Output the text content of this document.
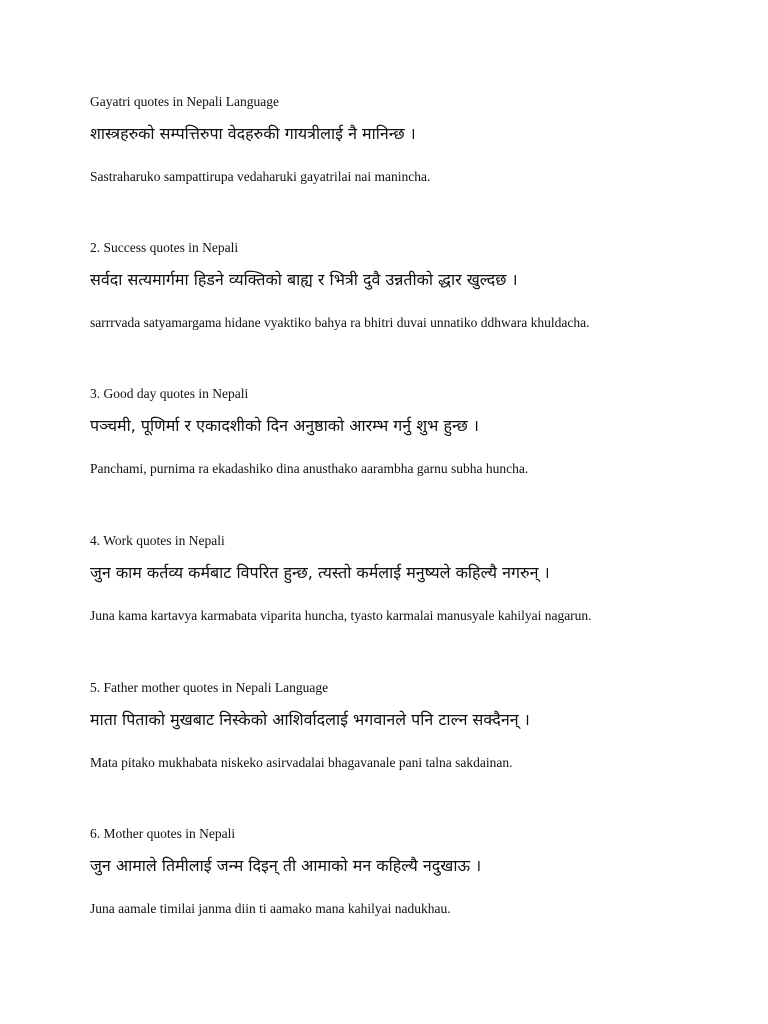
Gayatri quotes in Nepali Language
शास्त्रहरुको सम्पत्तिरुपा वेदहरुकी गायत्रीलाई नै मानिन्छ ।
Sastraharuko sampattirupa vedaharuki gayatrilai nai manincha.
2. Success quotes in Nepali
सर्वदा सत्यमार्गमा हिडने व्यक्तिको बाह्य र भित्री दुवै उन्नतीको द्धार खुल्दछ ।
sarrrvada satyamargama hidane vyaktiko bahya ra bhitri duvai unnatiko ddhwara khuldacha.
3. Good day quotes in Nepali
पञ्चमी, पूणिर्मा र एकादशीको दिन अनुष्ठाको आरम्भ गर्नु शुभ हुन्छ ।
Panchami, purnima ra ekadashiko dina anusthako aarambha garnu subha huncha.
4. Work quotes in Nepali
जुन काम कर्तव्य कर्मबाट विपरित हुन्छ, त्यस्तो कर्मलाई मनुष्यले कहिल्यै नगरुन् ।
Juna kama kartavya karmabata viparita huncha, tyasto karmalai manusyale kahilyai nagarun.
5. Father mother quotes in Nepali Language
माता पिताको मुखबाट निस्केको आशिर्वादलाई भगवानले पनि टाल्न सक्दैनन् ।
Mata pitako mukhabata niskeko asirvadalai bhagavanale pani talna sakdainan.
6. Mother quotes in Nepali
जुन आमाले तिमीलाई जन्म दिइन् ती आमाको मन कहिल्यै नदुखाऊ ।
Juna aamale timilai janma diin ti aamako mana kahilyai nadukhau.
